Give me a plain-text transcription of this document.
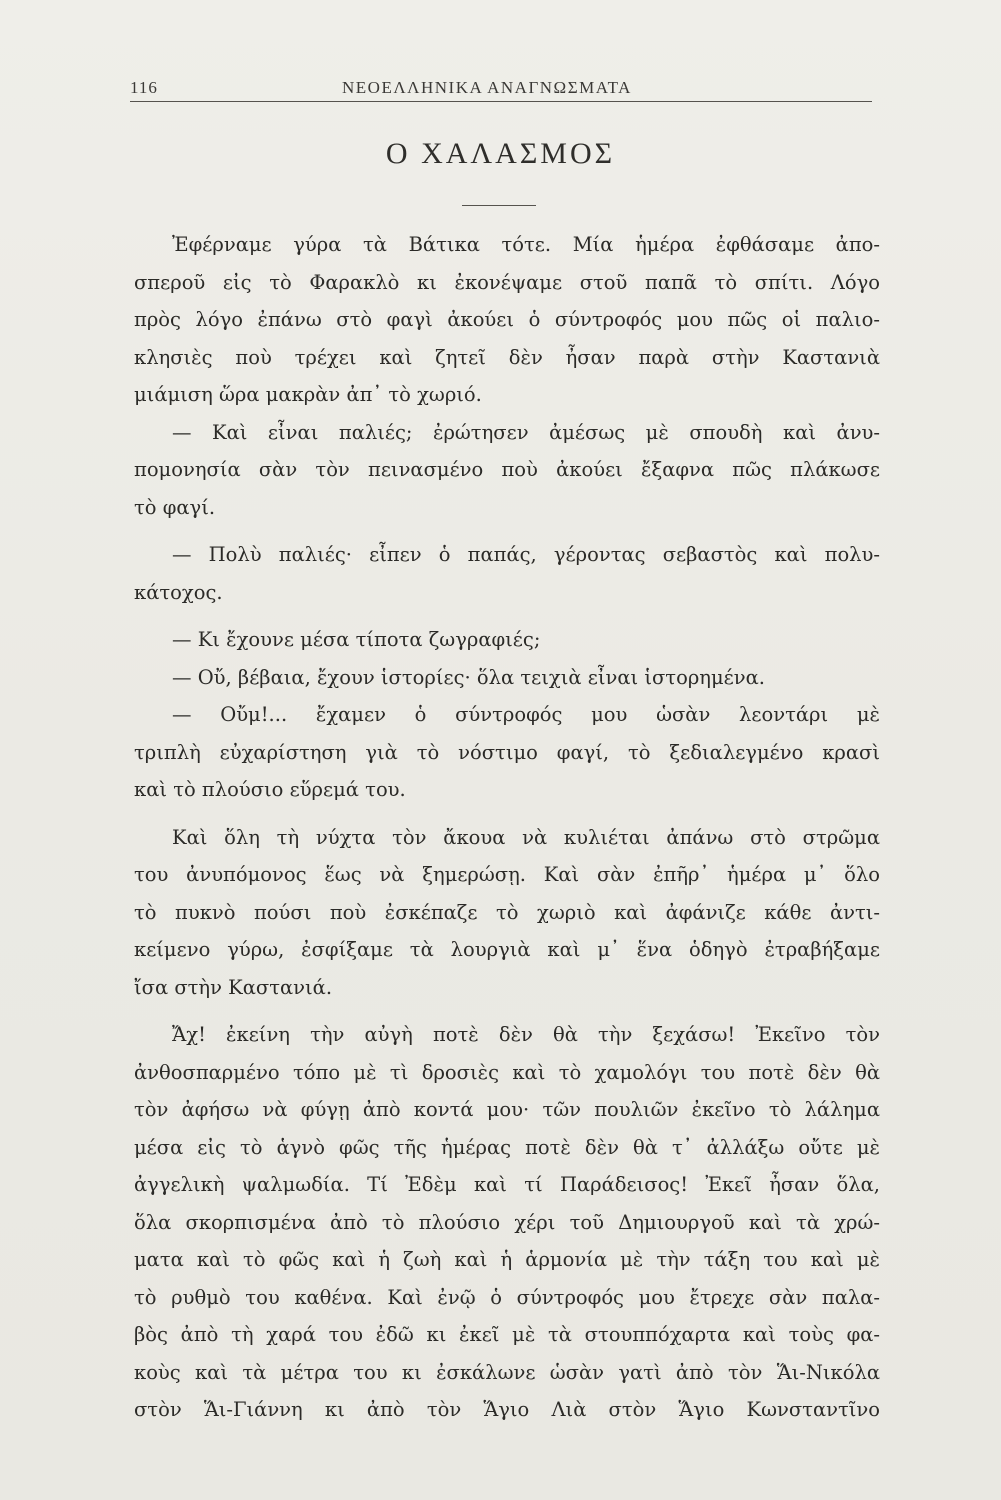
116	ΝΕΟΕΛΛΗΝΙΚΑ ΑΝΑΓΝΩΣΜΑΤΑ
Ο ΧΑΛΑΣΜΟΣ
Ἐφέρναμε γύρα τὰ Βάτικα τότε. Μία ἡμέρα ἐφθάσαμε ἀπο-
σπεροῦ εἰς τὸ Φαρακλὸ κι ἐκονέψαμε στοῦ παπᾶ τὸ σπίτι. Λόγο
πρὸς λόγο ἐπάνω στὸ φαγὶ ἀκούει ὁ σύντροφός μου πῶς οἱ παλιο-
κλησιὲς ποὺ τρέχει καὶ ζητεῖ δὲν ἦσαν παρὰ στὴν Καστανιὰ
μιάμιση ὥρα μακρὰν ἀπ᾽ τὸ χωριό.
— Καὶ εἶναι παλιές; ἐρώτησεν ἀμέσως μὲ σπουδὴ καὶ ἀνυ-
πομονησία σὰν τὸν πεινασμένο ποὺ ἀκούει ἔξαφνα πῶς πλάκωσε
τὸ φαγί.
— Πολὺ παλιές· εἶπεν ὁ παπάς, γέροντας σεβαστὸς καὶ πολυ-
κάτοχος.
— Κι ἔχουνε μέσα τίποτα ζωγραφιές;
— Οὔ, βέβαια, ἔχουν ἱστορίες· ὅλα τειχιὰ εἶναι ἱστορημένα.
— Οὔμ!... ἔχαμεν ὁ σύντροφός μου ὡσὰν λεοντάρι μὲ
τριπλὴ εὐχαρίστηση γιὰ τὸ νόστιμο φαγί, τὸ ξεδιαλεγμένο κρασὶ
καὶ τὸ πλούσιο εὕρεμά του.
Καὶ ὅλη τὴ νύχτα τὸν ἄκουα νὰ κυλιέται ἀπάνω στὸ στρῶμα
του ἀνυπόμονος ἕως νὰ ξημερώσῃ. Καὶ σὰν ἐπῆρ᾽ ἡμέρα μ᾽ ὅλο
τὸ πυκνὸ πούσι ποὺ ἐσκέπαζε τὸ χωριὸ καὶ ἀφάνιζε κάθε ἀντι-
κείμενο γύρω, ἐσφίξαμε τὰ λουργιὰ καὶ μ᾽ ἕνα ὁδηγὸ ἐτραβήξαμε
ἴσα στὴν Καστανιά.
Ἄχ! ἐκείνη τὴν αὐγὴ ποτὲ δὲν θὰ τὴν ξεχάσω! Ἐκεῖνο τὸν
ἀνθοσπαρμένο τόπο μὲ τὶ δροσιὲς καὶ τὸ χαμολόγι του ποτὲ δὲν θὰ
τὸν ἀφήσω νὰ φύγῃ ἀπὸ κοντά μου· τῶν πουλιῶν ἐκεῖνο τὸ λάλημα
μέσα εἰς τὸ ἁγνὸ φῶς τῆς ἡμέρας ποτὲ δὲν θὰ τ᾽ ἀλλάξω οὔτε μὲ
ἀγγελικὴ ψαλμωδία. Τί Ἐδὲμ καὶ τί Παράδεισος! Ἐκεῖ ἦσαν ὅλα,
ὅλα σκορπισμένα ἀπὸ τὸ πλούσιο χέρι τοῦ Δημιουργοῦ καὶ τὰ χρώ-
ματα καὶ τὸ φῶς καὶ ἡ ζωὴ καὶ ἡ ἁρμονία μὲ τὴν τάξη του καὶ μὲ
τὸ ρυθμὸ του καθένα. Καὶ ἐνῷ ὁ σύντροφός μου ἔτρεχε σὰν παλα-
βὸς ἀπὸ τὴ χαρά του ἐδῶ κι ἐκεῖ μὲ τὰ στουππόχαρτα καὶ τοὺς φα-
κοὺς καὶ τὰ μέτρα του κι ἐσκάλωνε ὡσὰν γατὶ ἀπὸ τὸν Ἅι-Νικόλα
στὸν Ἅι-Γιάννη κι ἀπὸ τὸν Ἅγιο Λιὰ στὸν Ἅγιο Κωνσταντῖνο
